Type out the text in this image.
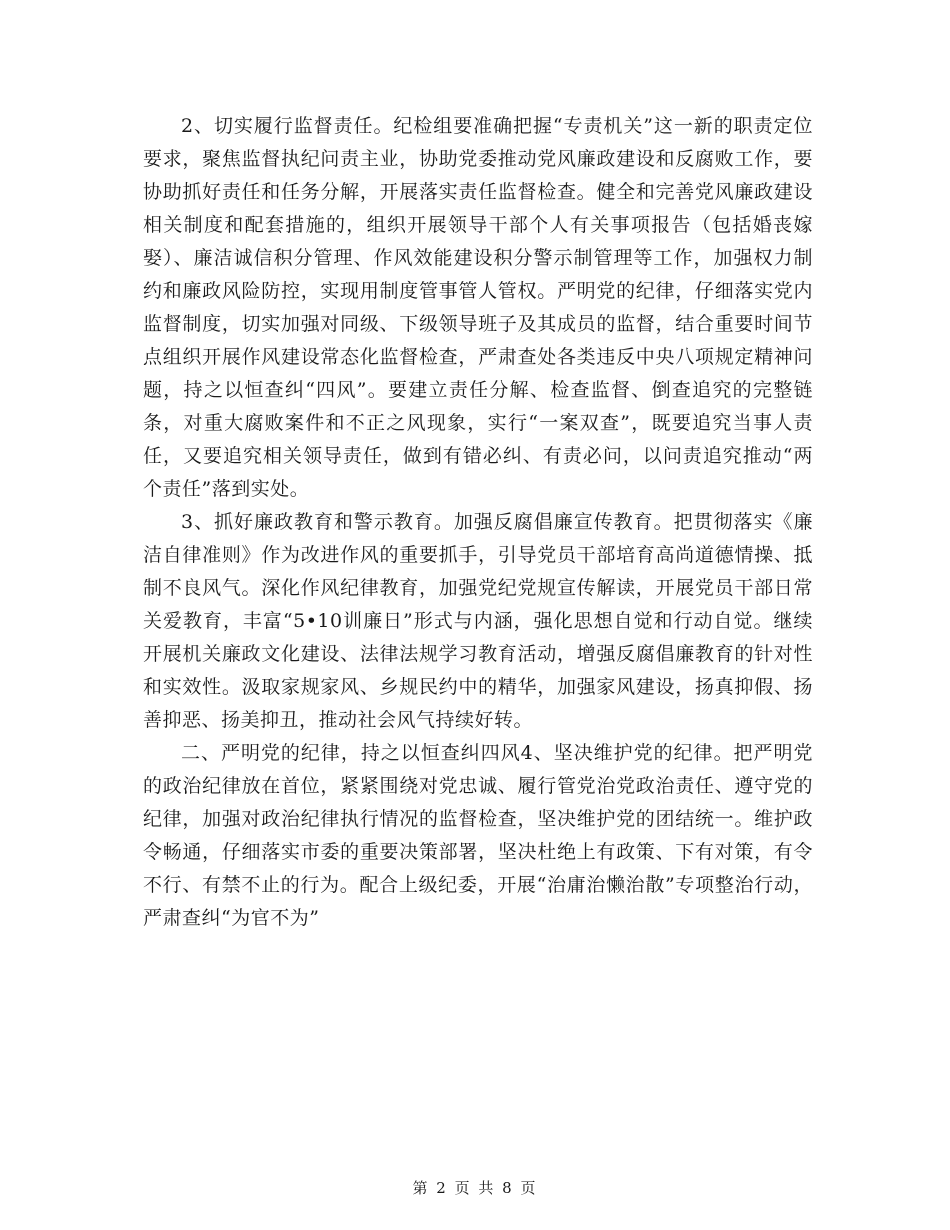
2、切实履行监督责任。纪检组要准确把握“专责机关”这一新的职责定位要求，聚焦监督执纪问责主业，协助党委推动党风廉政建设和反腐败工作，要协助抓好责任和任务分解，开展落实责任监督检查。健全和完善党风廉政建设相关制度和配套措施的，组织开展领导干部个人有关事项报告（包括婚丧嫁娶）、廉洁诚信积分管理、作风效能建设积分警示制管理等工作，加强权力制约和廉政风险防控，实现用制度管事管人管权。严明党的纪律，仔细落实党内监督制度，切实加强对同级、下级领导班子及其成员的监督，结合重要时间节点组织开展作风建设常态化监督检查，严肃查处各类违反中央八项规定精神问题，持之以恒查纠“四风”。要建立责任分解、检查监督、倒查追究的完整链条，对重大腐败案件和不正之风现象，实行“一案双查”，既要追究当事人责任，又要追究相关领导责任，做到有错必纠、有责必问，以问责追究推动“两个责任”落到实处。

3、抓好廉政教育和警示教育。加强反腐倡廉宣传教育。把贯彻落实《廉洁自律准则》作为改进作风的重要抓手，引导党员干部培育高尚道德情操、抵制不良风气。深化作风纪律教育，加强党纪党规宣传解读，开展党员干部日常关爱教育，丰富“5•10训廉日”形式与内涵，强化思想自觉和行动自觉。继续开展机关廉政文化建设、法律法规学习教育活动，增强反腐倡廉教育的针对性和实效性。汲取家规家风、乡规民约中的精华，加强家风建设，扬真抑假、扬善抑恶、扬美抑丑，推动社会风气持续好转。

二、严明党的纪律，持之以恒查纠四风4、坚决维护党的纪律。把严明党的政治纪律放在首位，紧紧围绕对党忠诚、履行管党治党政治责任、遵守党的纪律，加强对政治纪律执行情况的监督检查，坚决维护党的团结统一。维护政令畅通，仔细落实市委的重要决策部署，坚决杜绝上有政策、下有对策，有令不行、有禁不止的行为。配合上级纪委，开展“治庸治懒治散”专项整治行动，严肃查纠“为官不为”

第 2 页 共 8 页
